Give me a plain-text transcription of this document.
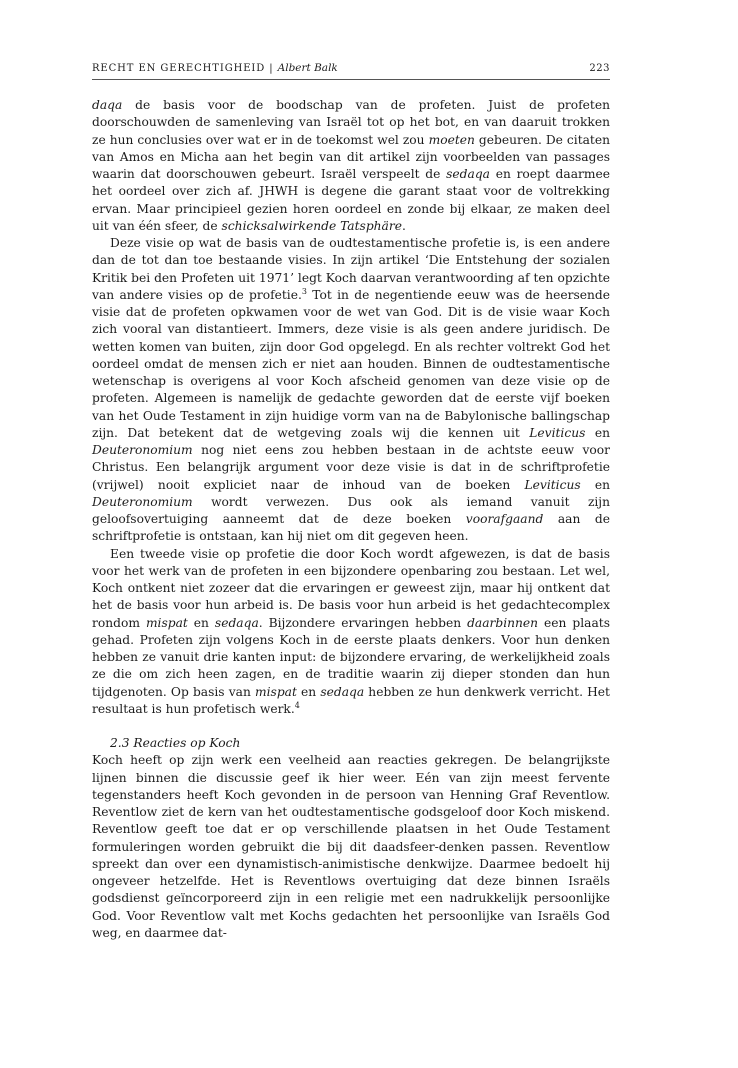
RECHT EN GERECHTIGHEID | Albert Balk	223

daqa de basis voor de boodschap van de profeten. Juist de profeten doorschouwden de samenleving van Israël tot op het bot, en van daaruit trokken ze hun conclusies over wat er in de toekomst wel zou moeten gebeuren. De citaten van Amos en Micha aan het begin van dit artikel zijn voorbeelden van passages waarin dat doorschouwen gebeurt. Israël verspeelt de sedaqa en roept daarmee het oordeel over zich af. JHWH is degene die garant staat voor de voltrekking ervan. Maar principieel gezien horen oordeel en zonde bij elkaar, ze maken deel uit van één sfeer, de schicksalwirkende Tatsphäre.

Deze visie op wat de basis van de oudtestamentische profetie is, is een andere dan de tot dan toe bestaande visies. In zijn artikel ‘Die Entstehung der sozialen Kritik bei den Profeten uit 1971’ legt Koch daarvan verantwoording af ten opzichte van andere visies op de profetie.$^3$ Tot in de negentiende eeuw was de heersende visie dat de profeten opkwamen voor de wet van God. Dit is de visie waar Koch zich vooral van distantieert. Immers, deze visie is als geen andere juridisch. De wetten komen van buiten, zijn door God opgelegd. En als rechter voltrekt God het oordeel omdat de mensen zich er niet aan houden. Binnen de oudtestamentische wetenschap is overigens al voor Koch afscheid genomen van deze visie op de profeten. Algemeen is namelijk de gedachte geworden dat de eerste vijf boeken van het Oude Testament in zijn huidige vorm van na de Babylonische ballingschap zijn. Dat betekent dat de wetgeving zoals wij die kennen uit Leviticus en Deuteronomium nog niet eens zou hebben bestaan in de achtste eeuw voor Christus. Een belangrijk argument voor deze visie is dat in de schriftprofetie (vrijwel) nooit expliciet naar de inhoud van de boeken Leviticus en Deuteronomium wordt verwezen. Dus ook als iemand vanuit zijn geloofsovertuiging aanneemt dat de deze boeken voorafgaand aan de schriftprofetie is ontstaan, kan hij niet om dit gegeven heen.

Een tweede visie op profetie die door Koch wordt afgewezen, is dat de basis voor het werk van de profeten in een bijzondere openbaring zou bestaan. Let wel, Koch ontkent niet zozeer dat die ervaringen er geweest zijn, maar hij ontkent dat het de basis voor hun arbeid is. De basis voor hun arbeid is het gedachtecomplex rondom mispat en sedaqa. Bijzondere ervaringen hebben daarbinnen een plaats gehad. Profeten zijn volgens Koch in de eerste plaats denkers. Voor hun denken hebben ze vanuit drie kanten input: de bijzondere ervaring, de werkelijkheid zoals ze die om zich heen zagen, en de traditie waarin zij dieper stonden dan hun tijdgenoten. Op basis van mispat en sedaqa hebben ze hun denkwerk verricht. Het resultaat is hun profetisch werk.$^4$

2.3 Reacties op Koch

Koch heeft op zijn werk een veelheid aan reacties gekregen. De belangrijkste lijnen binnen die discussie geef ik hier weer. Eén van zijn meest fervente tegenstanders heeft Koch gevonden in de persoon van Henning Graf Reventlow. Reventlow ziet de kern van het oudtestamentische godsgeloof door Koch miskend. Reventlow geeft toe dat er op verschillende plaatsen in het Oude Testament formuleringen worden gebruikt die bij dit daadsfeer-denken passen. Reventlow spreekt dan over een dynamistisch-animistische denkwijze. Daarmee bedoelt hij ongeveer hetzelfde. Het is Reventlows overtuiging dat deze binnen Israëls godsdienst geïncorporeerd zijn in een religie met een nadrukkelijk persoonlijke God. Voor Reventlow valt met Kochs gedachten het persoonlijke van Israëls God weg, en daarmee dat-
